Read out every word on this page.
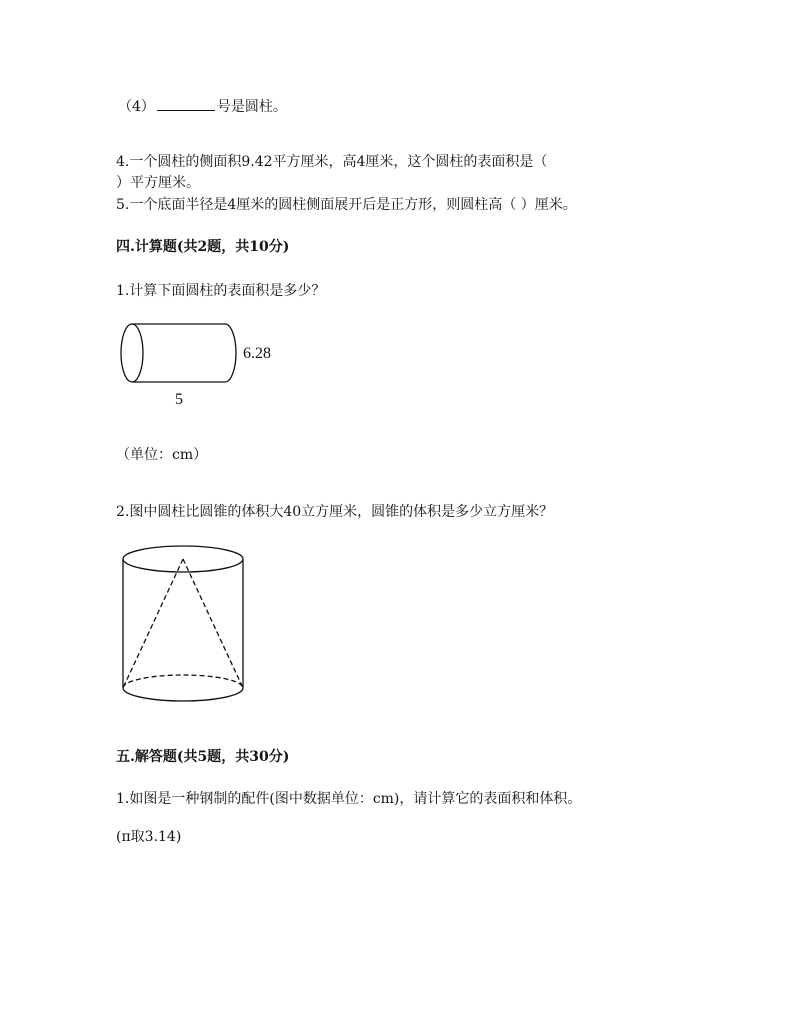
（4）	号是圆柱。
4.一个圆柱的侧面积9.42平方厘米，高4厘米，这个圆柱的表面积是（
）平方厘米。
5.一个底面半径是4厘米的圆柱侧面展开后是正方形，则圆柱高（ ）厘米。
四.计算题(共2题，共10分)
1.计算下面圆柱的表面积是多少？
6.28
5
（单位：cm）
2.图中圆柱比圆锥的体积大40立方厘米，圆锥的体积是多少立方厘米？
五.解答题(共5题，共30分)
1.如图是一种钢制的配件(图中数据单位：cm)，请计算它的表面积和体积。
(π取3.14)
